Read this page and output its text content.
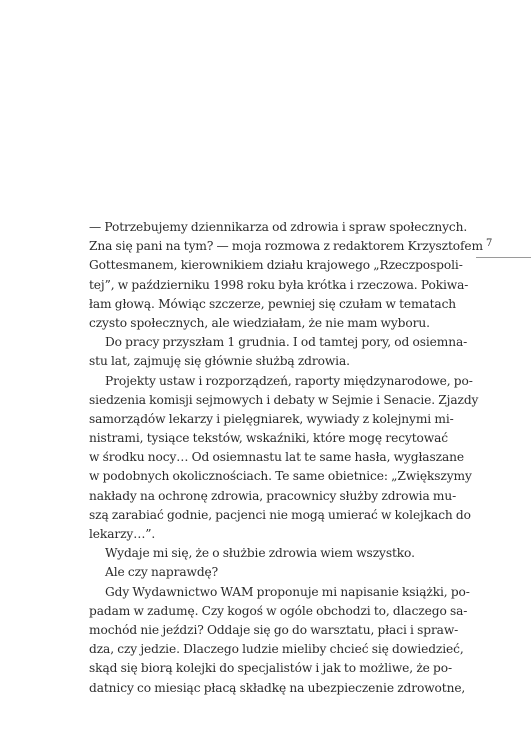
7
— Potrzebujemy dziennikarza od zdrowia i spraw społecznych.
Zna się pani na tym? — moja rozmowa z redaktorem Krzysztofem
Gottesmanem, kierownikiem działu krajowego „Rzeczpospoli-
tej”, w październiku 1998 roku była krótka i rzeczowa. Pokiwa-
łam głową. Mówiąc szczerze, pewniej się czułam w tematach
czysto społecznych, ale wiedziałam, że nie mam wyboru.
Do pracy przyszłam 1 grudnia. I od tamtej pory, od osiemna-
stu lat, zajmuję się głównie służbą zdrowia.
Projekty ustaw i rozporządzeń, raporty międzynarodowe, po-
siedzenia komisji sejmowych i debaty w Sejmie i Senacie. Zjazdy
samorządów lekarzy i pielęgniarek, wywiady z kolejnymi mi-
nistrami, tysiące tekstów, wskaźniki, które mogę recytować
w środku nocy… Od osiemnastu lat te same hasła, wygłaszane
w podobnych okolicznościach. Te same obietnice: „Zwiększymy
nakłady na ochronę zdrowia, pracownicy służby zdrowia mu-
szą zarabiać godnie, pacjenci nie mogą umierać w kolejkach do
lekarzy…”.
Wydaje mi się, że o służbie zdrowia wiem wszystko.
Ale czy naprawdę?
Gdy Wydawnictwo WAM proponuje mi napisanie książki, po-
padam w zadumę. Czy kogoś w ogóle obchodzi to, dlaczego sa-
mochód nie jeździ? Oddaje się go do warsztatu, płaci i spraw-
dza, czy jedzie. Dlaczego ludzie mieliby chcieć się dowiedzieć,
skąd się biorą kolejki do specjalistów i jak to możliwe, że po-
datnicy co miesiąc płacą składkę na ubezpieczenie zdrowotne,
